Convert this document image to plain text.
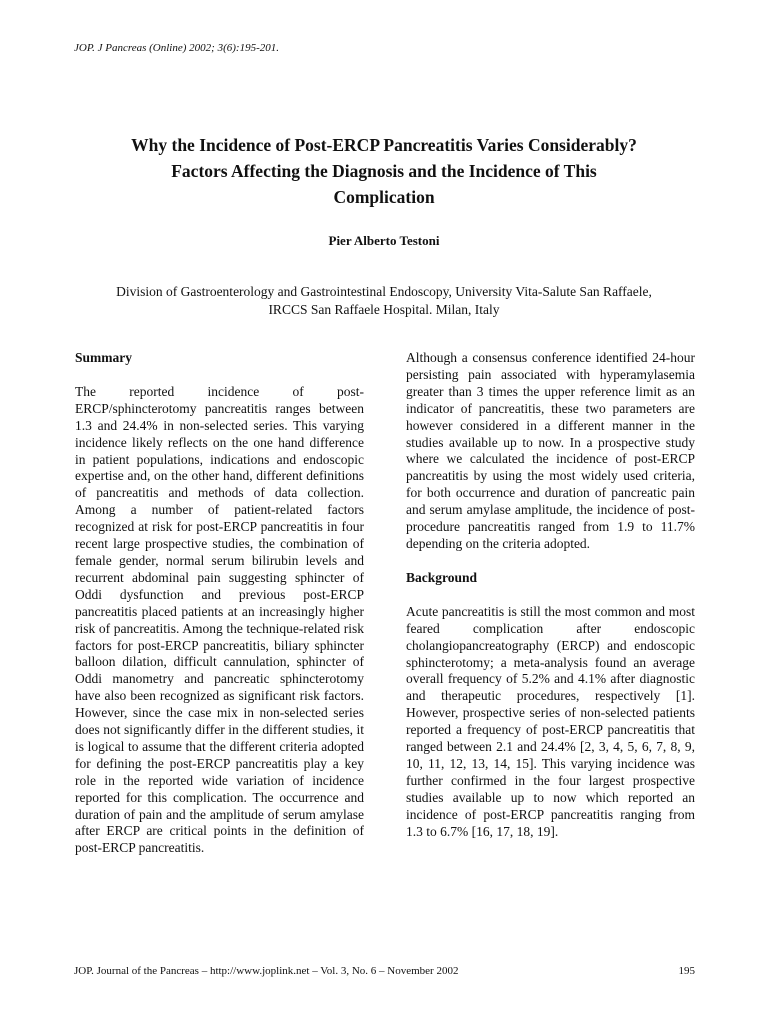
JOP. J Pancreas (Online) 2002; 3(6):195-201.
Why the Incidence of Post-ERCP Pancreatitis Varies Considerably?
Factors Affecting the Diagnosis and the Incidence of This
Complication
Pier Alberto Testoni
Division of Gastroenterology and Gastrointestinal Endoscopy, University Vita-Salute San Raffaele,
IRCCS San Raffaele Hospital. Milan, Italy
Summary
The reported incidence of post-ERCP/sphincterotomy pancreatitis ranges between 1.3 and 24.4% in non-selected series. This varying incidence likely reflects on the one hand difference in patient populations, indications and endoscopic expertise and, on the other hand, different definitions of pancreatitis and methods of data collection. Among a number of patient-related factors recognized at risk for post-ERCP pancreatitis in four recent large prospective studies, the combination of female gender, normal serum bilirubin levels and recurrent abdominal pain suggesting sphincter of Oddi dysfunction and previous post-ERCP pancreatitis placed patients at an increasingly higher risk of pancreatitis. Among the technique-related risk factors for post-ERCP pancreatitis, biliary sphincter balloon dilation, difficult cannulation, sphincter of Oddi manometry and pancreatic sphincterotomy have also been recognized as significant risk factors. However, since the case mix in non-selected series does not significantly differ in the different studies, it is logical to assume that the different criteria adopted for defining the post-ERCP pancreatitis play a key role in the reported wide variation of incidence reported for this complication. The occurrence and duration of pain and the amplitude of serum amylase after ERCP are critical points in the definition of post-ERCP pancreatitis.
Although a consensus conference identified 24-hour persisting pain associated with hyperamylasemia greater than 3 times the upper reference limit as an indicator of pancreatitis, these two parameters are however considered in a different manner in the studies available up to now. In a prospective study where we calculated the incidence of post-ERCP pancreatitis by using the most widely used criteria, for both occurrence and duration of pancreatic pain and serum amylase amplitude, the incidence of post-procedure pancreatitis ranged from 1.9 to 11.7% depending on the criteria adopted.
Background
Acute pancreatitis is still the most common and most feared complication after endoscopic cholangiopancreatography (ERCP) and endoscopic sphincterotomy; a meta-analysis found an average overall frequency of 5.2% and 4.1% after diagnostic and therapeutic procedures, respectively [1]. However, prospective series of non-selected patients reported a frequency of post-ERCP pancreatitis that ranged between 2.1 and 24.4% [2, 3, 4, 5, 6, 7, 8, 9, 10, 11, 12, 13, 14, 15]. This varying incidence was further confirmed in the four largest prospective studies available up to now which reported an incidence of post-ERCP pancreatitis ranging from 1.3 to 6.7% [16, 17, 18, 19].
JOP. Journal of the Pancreas – http://www.joplink.net – Vol. 3, No. 6 – November 2002	195
